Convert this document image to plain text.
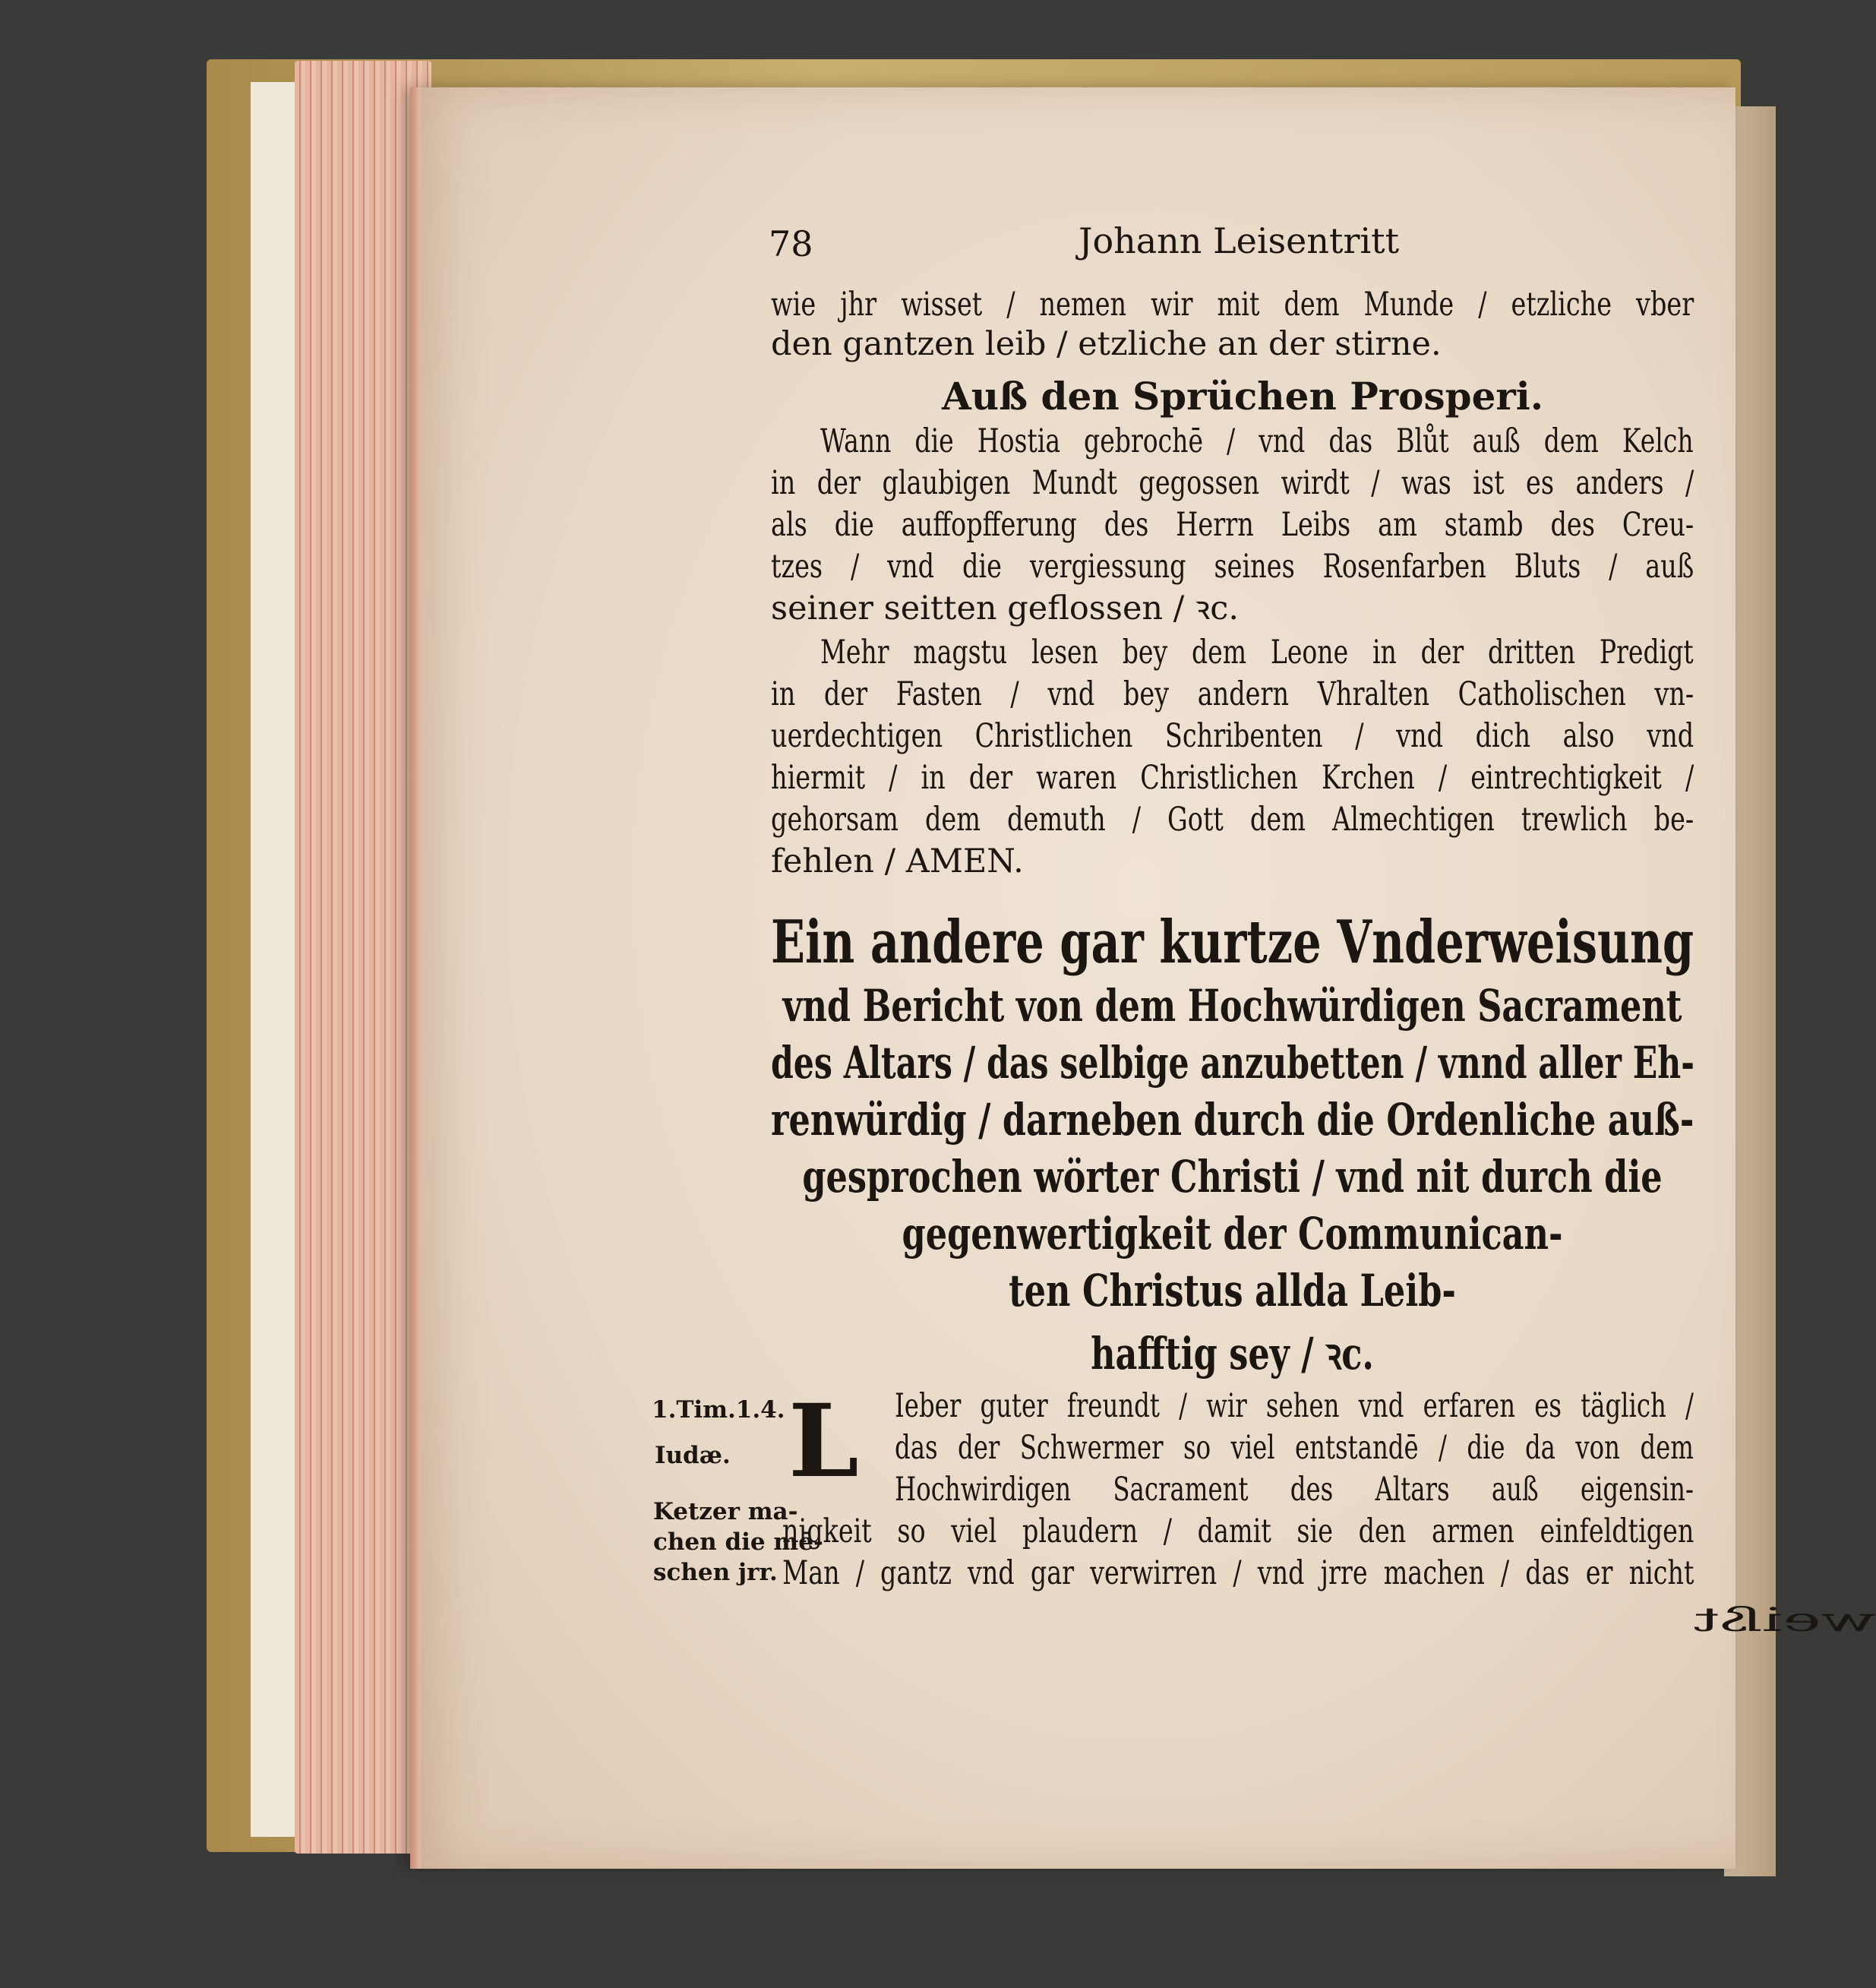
78	Johann Leisentritt
wie jhr wisset / nemen wir mit dem Munde / etzliche vber
den gantzen leib / etzliche an der stirne.
Auß den Sprüchen Prosperi.
Wann die Hostia gebrochē / vnd das Blůt auß dem Kelch
in der glaubigen Mundt gegossen wirdt / was ist es anders /
als die auffopfferung des Herrn Leibs am stamb des Creu-
tzes / vnd die vergiessung seines Rosenfarben Bluts / auß
seiner seitten geflossen / ꝛc.
Mehr magstu lesen bey dem Leone in der dritten Predigt
in der Fasten / vnd bey andern Vhralten Catholischen vn-
uerdechtigen Christlichen Schribenten / vnd dich also vnd
hiermit / in der waren Christlichen Krchen / eintrechtigkeit /
gehorsam dem demuth / Gott dem Almechtigen trewlich be-
fehlen / AMEN.
Ein andere gar kurtze Vnderweisung
vnd Bericht von dem Hochwürdigen Sacrament
des Altars / das selbige anzubetten / vnnd aller Eh-
renwürdig / darneben durch die Ordenliche auß-
gesprochen wörter Christi / vnd nit durch die
gegenwertigkeit der Communican-
ten Christus allda Leib-
hafftig sey / ꝛc.
1.Tim.1.4.
Iudæ.
Ketzer ma-
chen die mē-
schen jrr.
L	Ieber guter freundt / wir sehen vnd erfaren es täglich /
das der Schwermer so viel entstandē / die da von dem
Hochwirdigen Sacrament des Altars auß eigensin-
nigkeit so viel plaudern / damit sie den armen einfeldtigen
Man / gantz vnd gar verwirren / vnd jrre machen / das er nicht
weißt
